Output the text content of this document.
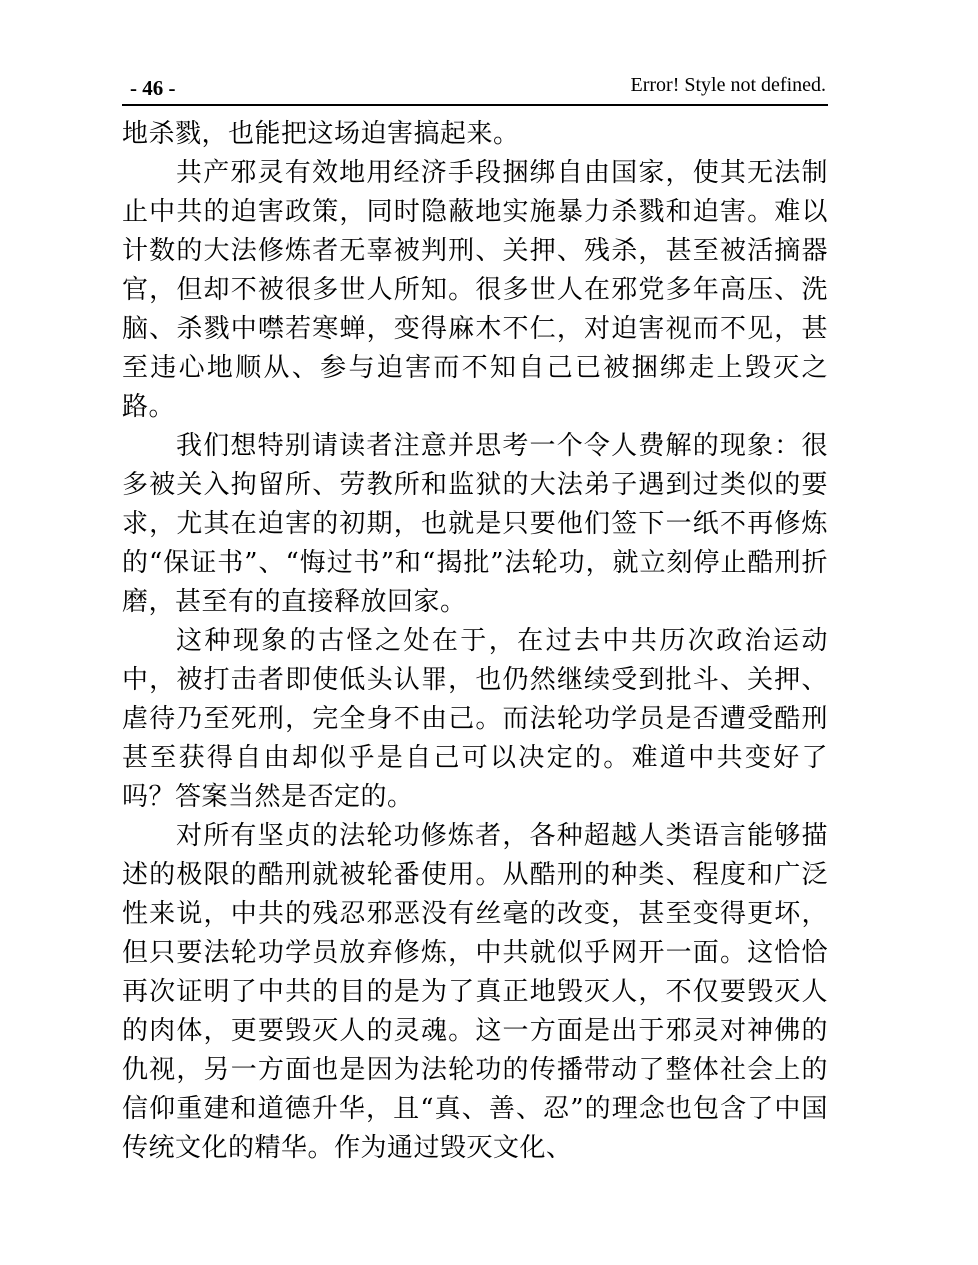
- 46 -	Error! Style not defined.

地杀戮，也能把这场迫害搞起来。

共产邪灵有效地用经济手段捆绑自由国家，使其无法制止中共的迫害政策，同时隐蔽地实施暴力杀戮和迫害。难以计数的大法修炼者无辜被判刑、关押、残杀，甚至被活摘器官，但却不被很多世人所知。很多世人在邪党多年高压、洗脑、杀戮中噤若寒蝉，变得麻木不仁，对迫害视而不见，甚至违心地顺从、参与迫害而不知自己已被捆绑走上毁灭之路。

我们想特别请读者注意并思考一个令人费解的现象：很多被关入拘留所、劳教所和监狱的大法弟子遇到过类似的要求，尤其在迫害的初期，也就是只要他们签下一纸不再修炼的“保证书”、“悔过书”和“揭批”法轮功，就立刻停止酷刑折磨，甚至有的直接释放回家。

这种现象的古怪之处在于，在过去中共历次政治运动中，被打击者即使低头认罪，也仍然继续受到批斗、关押、虐待乃至死刑，完全身不由己。而法轮功学员是否遭受酷刑甚至获得自由却似乎是自己可以决定的。难道中共变好了吗？答案当然是否定的。

对所有坚贞的法轮功修炼者，各种超越人类语言能够描述的极限的酷刑就被轮番使用。从酷刑的种类、程度和广泛性来说，中共的残忍邪恶没有丝毫的改变，甚至变得更坏，但只要法轮功学员放弃修炼，中共就似乎网开一面。这恰恰再次证明了中共的目的是为了真正地毁灭人，不仅要毁灭人的肉体，更要毁灭人的灵魂。这一方面是出于邪灵对神佛的仇视，另一方面也是因为法轮功的传播带动了整体社会上的信仰重建和道德升华，且“真、善、忍”的理念也包含了中国传统文化的精华。作为通过毁灭文化、
